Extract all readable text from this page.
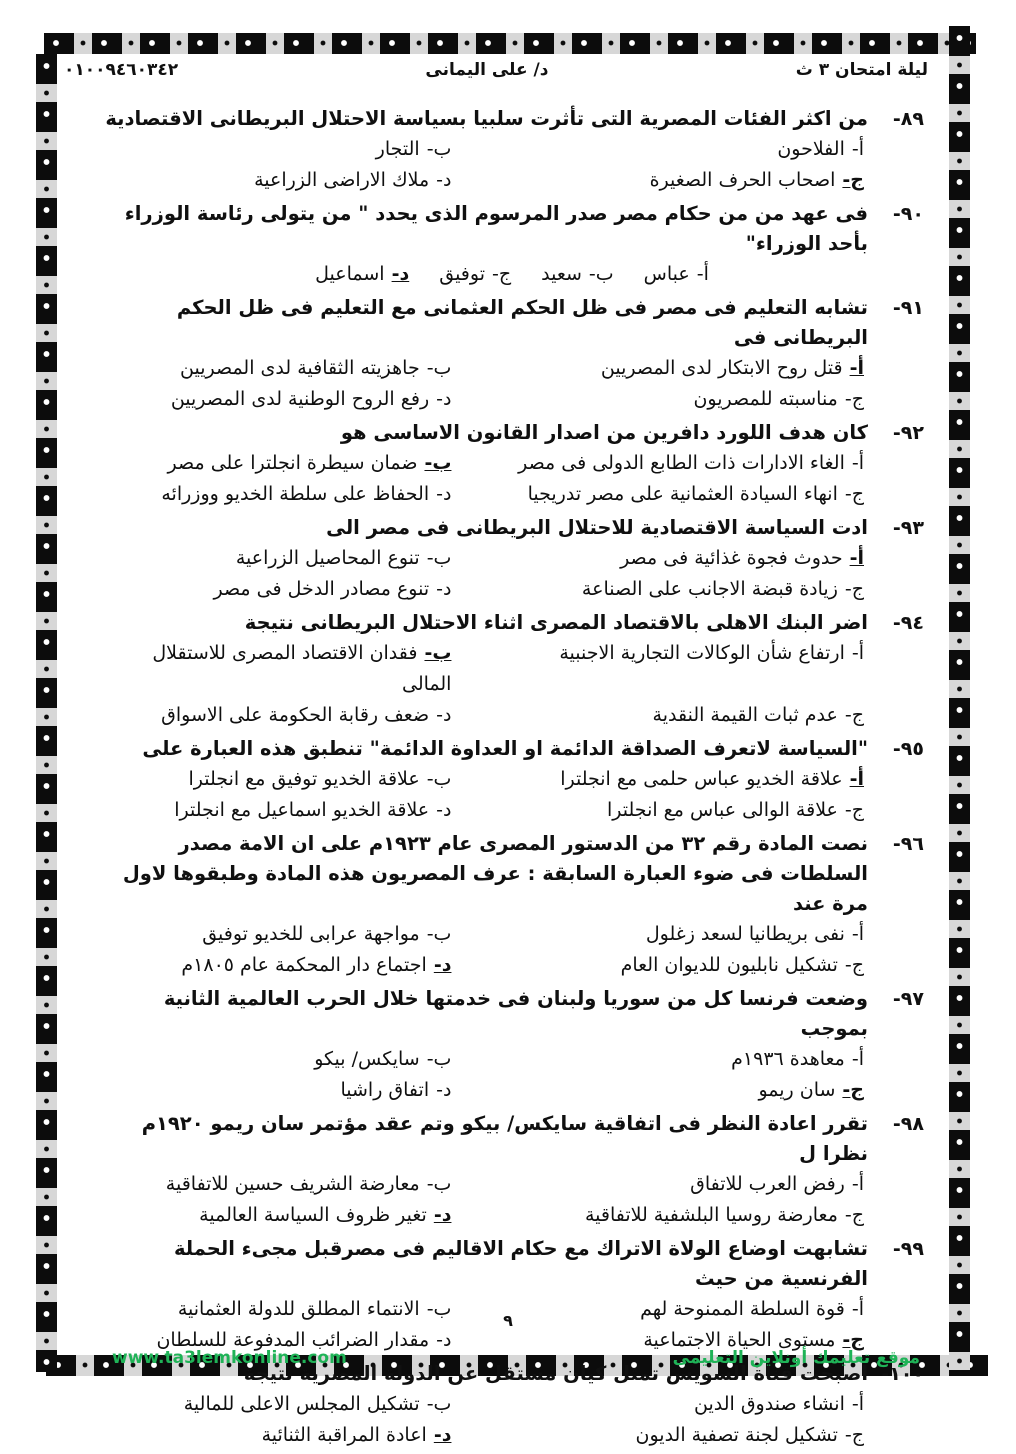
ليلة امتحان ٣ ث
د/ على اليمانى
٠١٠٠٩٤٦٠٣٤٢
٨٩-
من اكثر الفئات المصرية التى تأثرت سلبيا بسياسة الاحتلال البريطانى الاقتصادية
أ-الفلاحون
ب-التجار
ج-اصحاب الحرف الصغيرة
د-ملاك الاراضى الزراعية
٩٠-
فى عهد من من حكام مصر صدر المرسوم الذى يحدد " من يتولى رئاسة الوزراء بأحد الوزراء"
أ-عباس
ب-سعيد
ج-توفيق
د-اسماعيل
٩١-
تشابه التعليم فى مصر فى ظل الحكم العثمانى مع التعليم فى ظل الحكم البريطانى فى
أ-قتل روح الابتكار لدى المصريين
ب-جاهزيته الثقافية لدى المصريين
ج-مناسبته للمصريون
د-رفع الروح الوطنية لدى المصريين
٩٢-
كان هدف اللورد دافرين من اصدار القانون الاساسى هو
أ-الغاء الادارات ذات الطابع الدولى فى مصر
ب-ضمان سيطرة انجلترا على مصر
ج-انهاء السيادة العثمانية على مصر تدريجيا
د-الحفاظ على سلطة الخديو ووزرائه
٩٣-
ادت السياسة الاقتصادية للاحتلال البريطانى فى مصر الى
أ-حدوث فجوة غذائية فى مصر
ب-تنوع المحاصيل الزراعية
ج-زيادة قبضة الاجانب على الصناعة
د-تنوع مصادر الدخل فى مصر
٩٤-
اضر البنك الاهلى بالاقتصاد المصرى اثناء الاحتلال البريطانى نتيجة
أ-ارتفاع شأن الوكالات التجارية الاجنبية
ب-فقدان الاقتصاد المصرى للاستقلال المالى
ج-عدم ثبات القيمة النقدية
د-ضعف رقابة الحكومة على الاسواق
٩٥-
"السياسة لاتعرف الصداقة الدائمة او العداوة الدائمة" تنطبق هذه العبارة على
أ-علاقة الخديو عباس حلمى مع انجلترا
ب-علاقة الخديو توفيق مع انجلترا
ج-علاقة الوالى عباس مع انجلترا
د-علاقة الخديو اسماعيل مع انجلترا
٩٦-
نصت المادة رقم ٣٢ من الدستور المصرى عام ١٩٢٣م على ان الامة مصدر السلطات فى ضوء العبارة السابقة : عرف المصريون هذه المادة وطبقوها لاول مرة عند
أ-نفى بريطانيا لسعد زغلول
ب-مواجهة عرابى للخديو توفيق
ج-تشكيل نابليون للديوان العام
د-اجتماع دار المحكمة عام ١٨٠٥م
٩٧-
وضعت فرنسا كل من سوريا ولبنان فى خدمتها خلال الحرب العالمية الثانية بموجب
أ-معاهدة ١٩٣٦م
ب-سايكس/ بيكو
ج-سان ريمو
د-اتفاق راشيا
٩٨-
تقرر اعادة النظر فى اتفاقية سايكس/ بيكو وتم عقد مؤتمر سان ريمو ١٩٢٠م نظرا ل
أ-رفض العرب للاتفاق
ب-معارضة الشريف حسين للاتفاقية
ج-معارضة روسيا البلشفية للاتفاقية
د-تغير ظروف السياسة العالمية
٩٩-
تشابهت اوضاع الولاة الاتراك مع حكام الاقاليم فى مصرقبل مجىء الحملة الفرنسية من حيث
أ-قوة السلطة الممنوحة لهم
ب-الانتماء المطلق للدولة العثمانية
ج-مستوى الحياة الاجتماعية
د-مقدار الضرائب المدفوعة للسلطان
١٠٠-
اصبحت قناة السويس تمثل كيان مستقل عن الدولة المصرية نتيجة
أ-انشاء صندوق الدين
ب-تشكيل المجلس الاعلى للمالية
ج-تشكيل لجنة تصفية الديون
د-اعادة المراقبة الثنائية
٩
موقع تعليمك أونلاين التعليمى
www.ta3lemkonline.com
